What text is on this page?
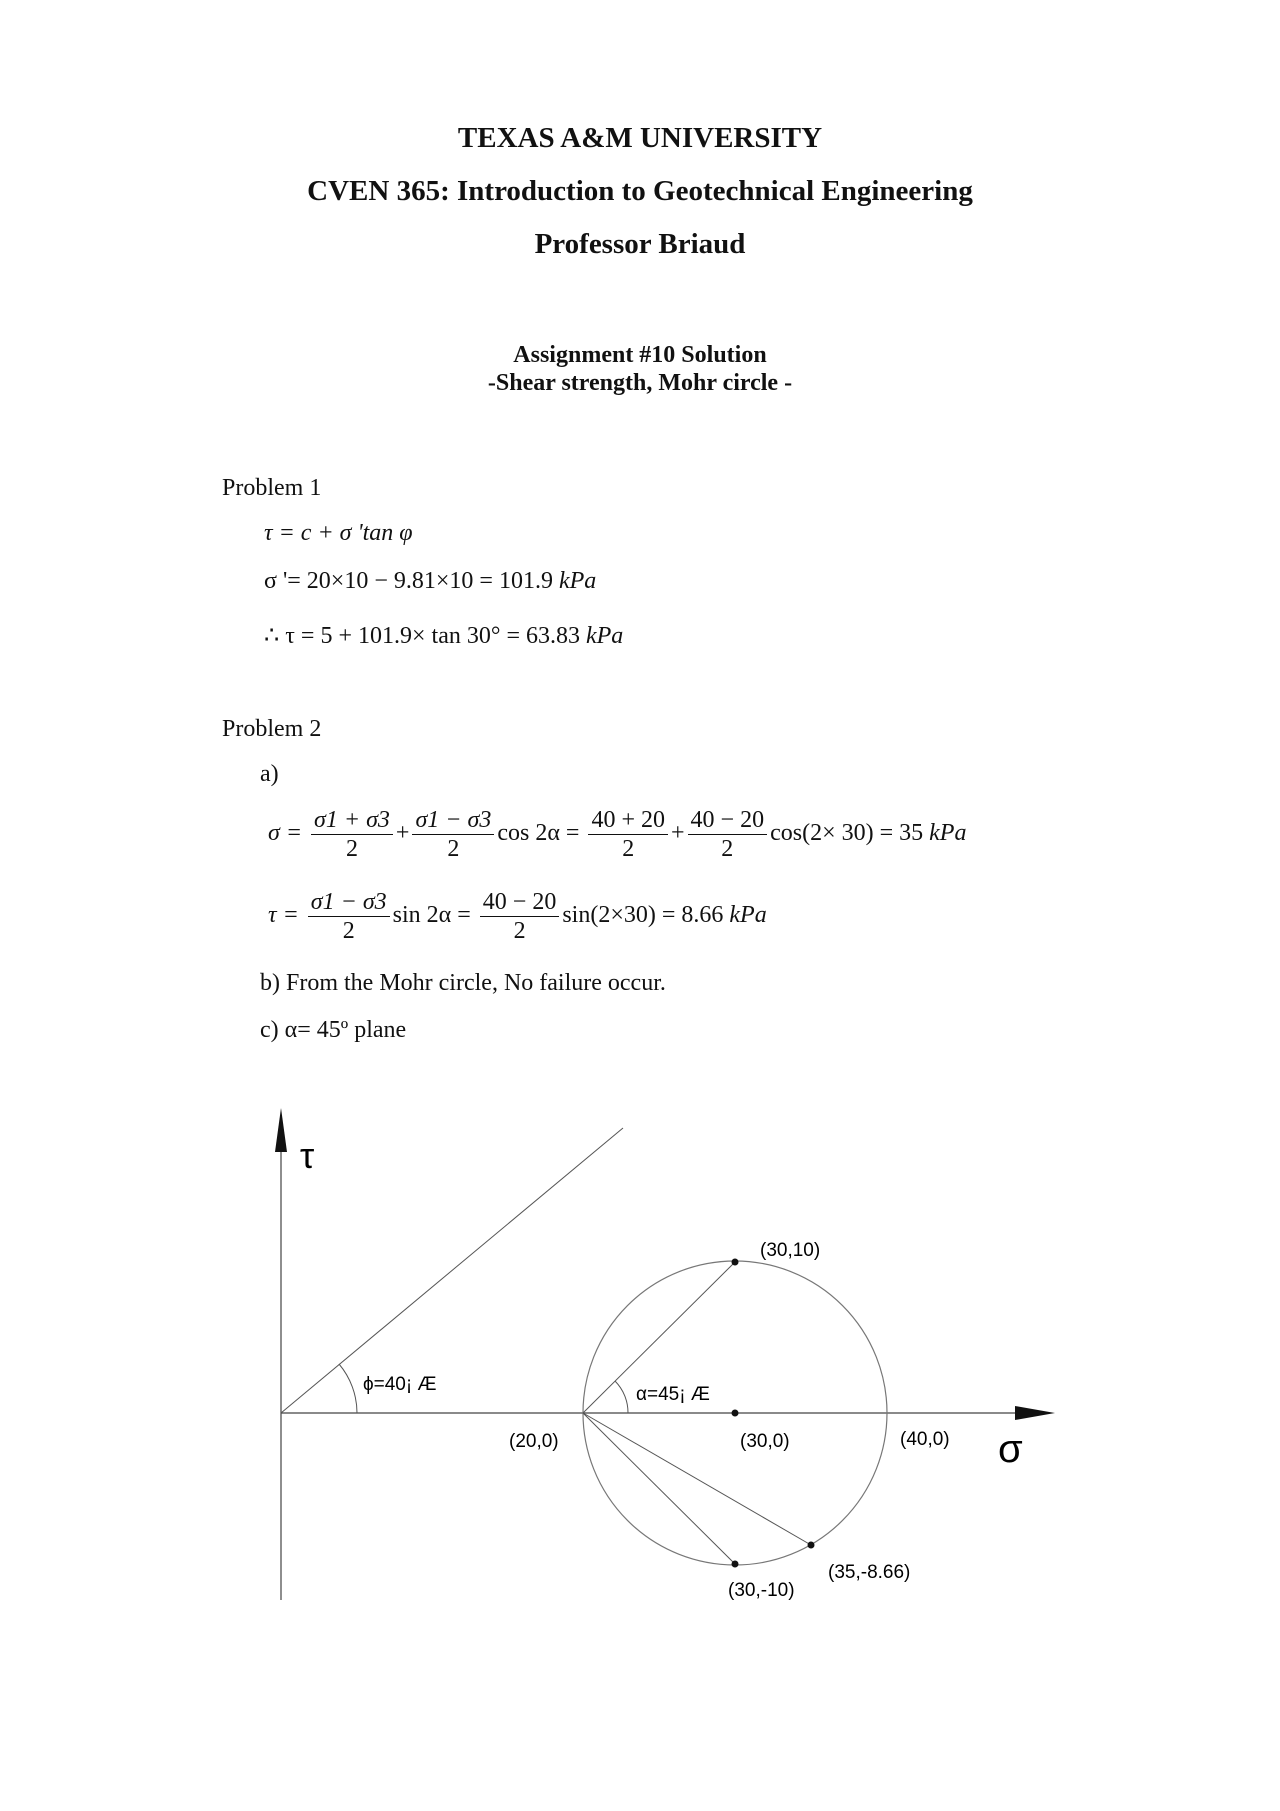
TEXAS A&M UNIVERSITY
CVEN 365: Introduction to Geotechnical Engineering
Professor Briaud
Assignment #10 Solution
-Shear strength, Mohr circle -
Problem 1
τ = c + σ 'tan φ
σ '= 20×10 − 9.81×10 = 101.9 kPa
∴ τ = 5 + 101.9× tan 30° = 63.83 kPa
Problem 2
a)
$\sigma = \frac{\sigma 1 + \sigma 3}{2} + \frac{\sigma 1 - \sigma 3}{2}$ $\cos 2\alpha = \frac{40 + 20}{2} + \frac{40 - 20}{2} \cos(2\times 30) = 35$ kPa
$\tau = \frac{\sigma 1 - \sigma 3}{2}$ $\sin 2\alpha = \frac{40 - 20}{2} \sin(2\times 30) = 8.66$ kPa
b) From the Mohr circle, No failure occur.
c) α= 45º plane
τ
σ
ϕ=40¡ Æ	α=45¡ Æ
(20,0)	(30,0)	(40,0)
(30,10)
(30,-10)
(35,-8.66)
